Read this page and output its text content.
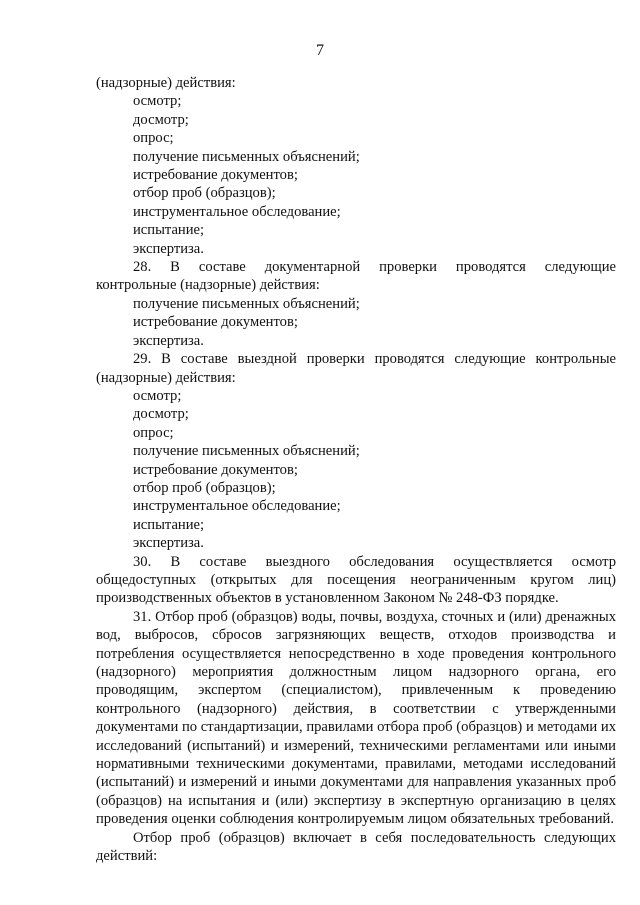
7

(надзорные) действия:

осмотр;

досмотр;

опрос;

получение письменных объяснений;

истребование документов;

отбор проб (образцов);

инструментальное обследование;

испытание;

экспертиза.

28. В составе документарной проверки проводятся следующие

контрольные (надзорные) действия:

получение письменных объяснений;

истребование документов;

экспертиза.

29. В составе выездной проверки проводятся следующие контрольные

(надзорные) действия:

осмотр;

досмотр;

опрос;

получение письменных объяснений;

истребование документов;

отбор проб (образцов);

инструментальное обследование;

испытание;

экспертиза.

30. В составе выездного обследования осуществляется осмотр общедоступных (открытых для посещения неограниченным кругом лиц) производственных объектов в установленном Законом № 248-ФЗ порядке.

31. Отбор проб (образцов) воды, почвы, воздуха, сточных и (или) дренажных вод, выбросов, сбросов загрязняющих веществ, отходов производства и потребления осуществляется непосредственно в ходе проведения контрольного (надзорного) мероприятия должностным лицом надзорного органа, его проводящим, экспертом (специалистом), привлеченным к проведению контрольного (надзорного) действия, в соответствии с утвержденными документами по стандартизации, правилами отбора проб (образцов) и методами их исследований (испытаний) и измерений, техническими регламентами или иными нормативными техническими документами, правилами, методами исследований (испытаний) и измерений и иными документами для направления указанных проб (образцов) на испытания и (или) экспертизу в экспертную организацию в целях проведения оценки соблюдения контролируемым лицом обязательных требований.

Отбор проб (образцов) включает в себя последовательность следующих действий:
